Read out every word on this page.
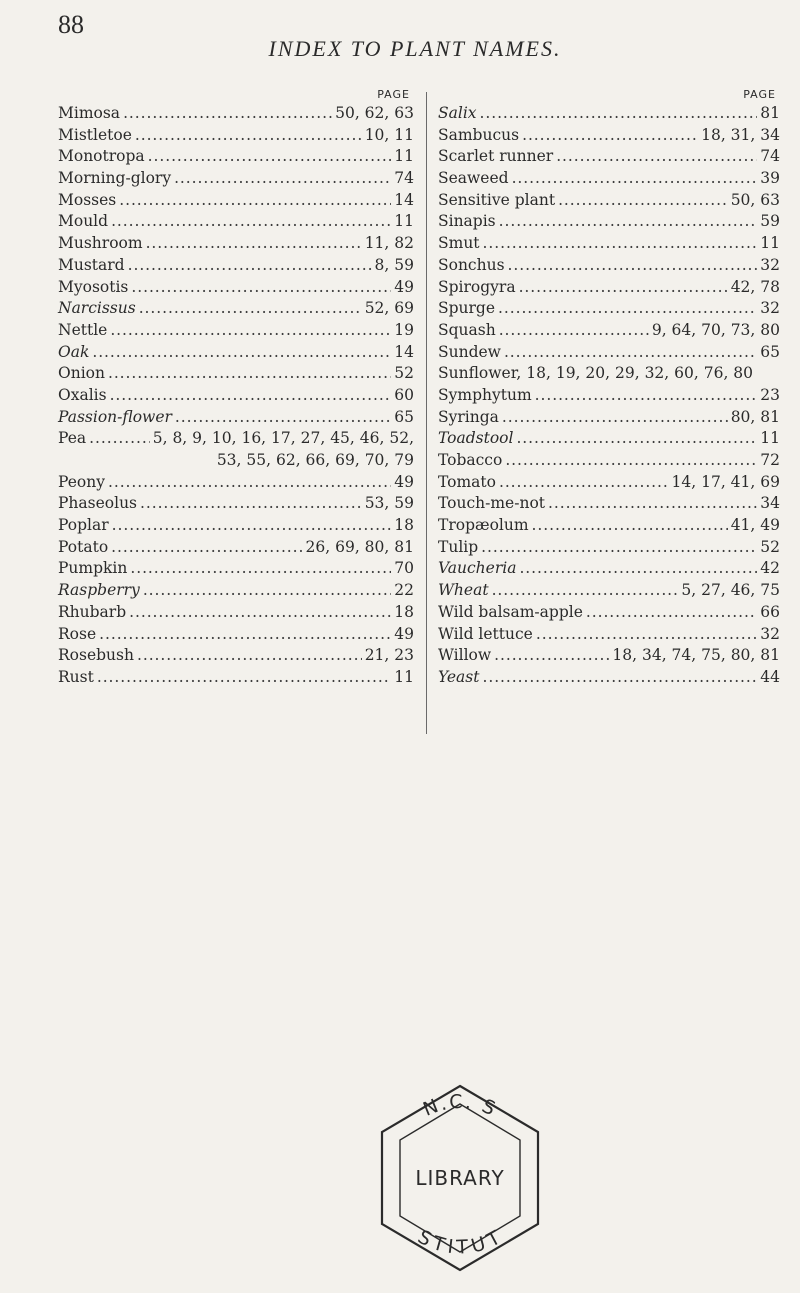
88
INDEX TO PLANT NAMES.
PAGE
Mimosa . . .	50, 62, 63
Mistletoe . . .	10, 11
Monotropa . . .	11
Morning-glory . . .	74
Mosses . . .	14
Mould . . .	11
Mushroom . . .	11, 82
Mustard . . .	8, 59
Myosotis . . .	49
Narcissus . . .	52, 69
Nettle . . .	19
Oak . . .	14
Onion . . .	52
Oxalis . . .	60
Passion-flower . . .	65
Pea . . .	5, 8, 9, 10, 16, 17, 27, 45, 46, 52,
53, 55, 62, 66, 69, 70, 79
Peony . . .	49
Phaseolus . . .	53, 59
Poplar . . .	18
Potato . . .	26, 69, 80, 81
Pumpkin . . .	70
Raspberry . . .	22
Rhubarb . . .	18
Rose . . .	49
Rosebush . . .	21, 23
Rust . . .	11
PAGE
Salix . . .	81
Sambucus . . .	18, 31, 34
Scarlet runner . . .	74
Seaweed . . .	39
Sensitive plant . . .	50, 63
Sinapis . . .	59
Smut . . .	11
Sonchus . . .	32
Spirogyra . . .	42, 78
Spurge . . .	32
Squash . . .	9, 64, 70, 73, 80
Sundew . . .	65
Sunflower, 18, 19, 20, 29, 32, 60, 76, 80
Symphytum . . .	23
Syringa . . .	80, 81
Toadstool . . .	11
Tobacco . . .	72
Tomato . . .	14, 17, 41, 69
Touch-me-not . . .	34
Tropæolum . . .	41, 49
Tulip . . .	52
Vaucheria . . .	42
Wheat . . .	5, 27, 46, 75
Wild balsam-apple . . .	66
Wild lettuce . . .	32
Willow . . .	18, 34, 74, 75, 80, 81
Yeast . . .	44
N.C. S
LIBRARY
STITUT
